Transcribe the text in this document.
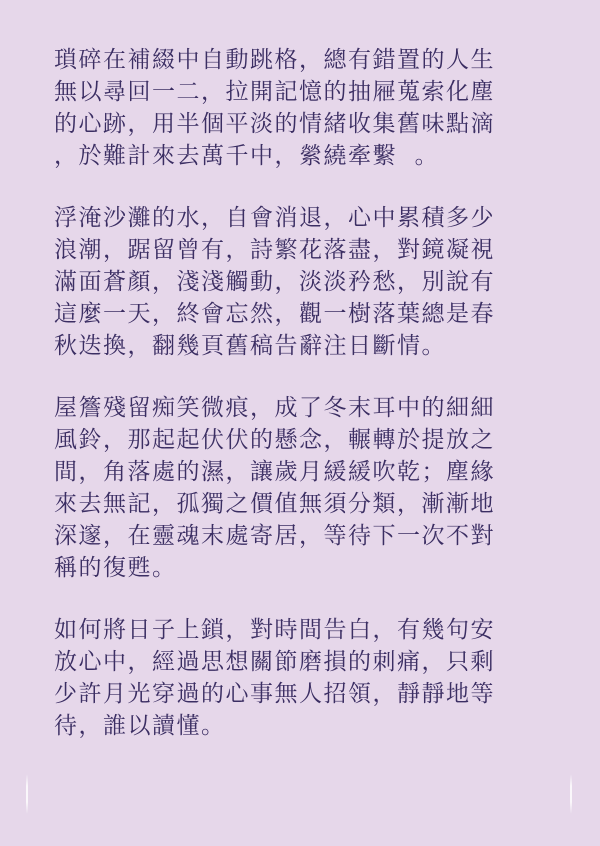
瑣碎在補綴中自動跳格，總有錯置的人生
無以尋回一二，拉開記憶的抽屜蒐索化塵
的心跡，用半個平淡的情緒收集舊味點滴
，於難計來去萬千中，縈繞牽繫  。

浮淹沙灘的水，自會消退，心中累積多少
浪潮，踞留曾有，詩繁花落盡，對鏡凝視
滿面蒼顏，淺淺觸動，淡淡矜愁，別說有
這麼一天，終會忘然，觀一樹落葉總是春
秋迭換，翻幾頁舊稿告辭注日斷情。

屋簷殘留痴笑微痕，成了冬末耳中的細細
風鈴，那起起伏伏的懸念，輾轉於提放之
間，角落處的濕，讓歲月緩緩吹乾；塵緣
來去無記，孤獨之價值無須分類，漸漸地
深邃，在靈魂末處寄居，等待下一次不對
稱的復甦。

如何將日子上鎖，對時間告白，有幾句安
放心中，經過思想關節磨損的刺痛，只剩
少許月光穿過的心事無人招領，靜靜地等
待，誰以讀懂。
